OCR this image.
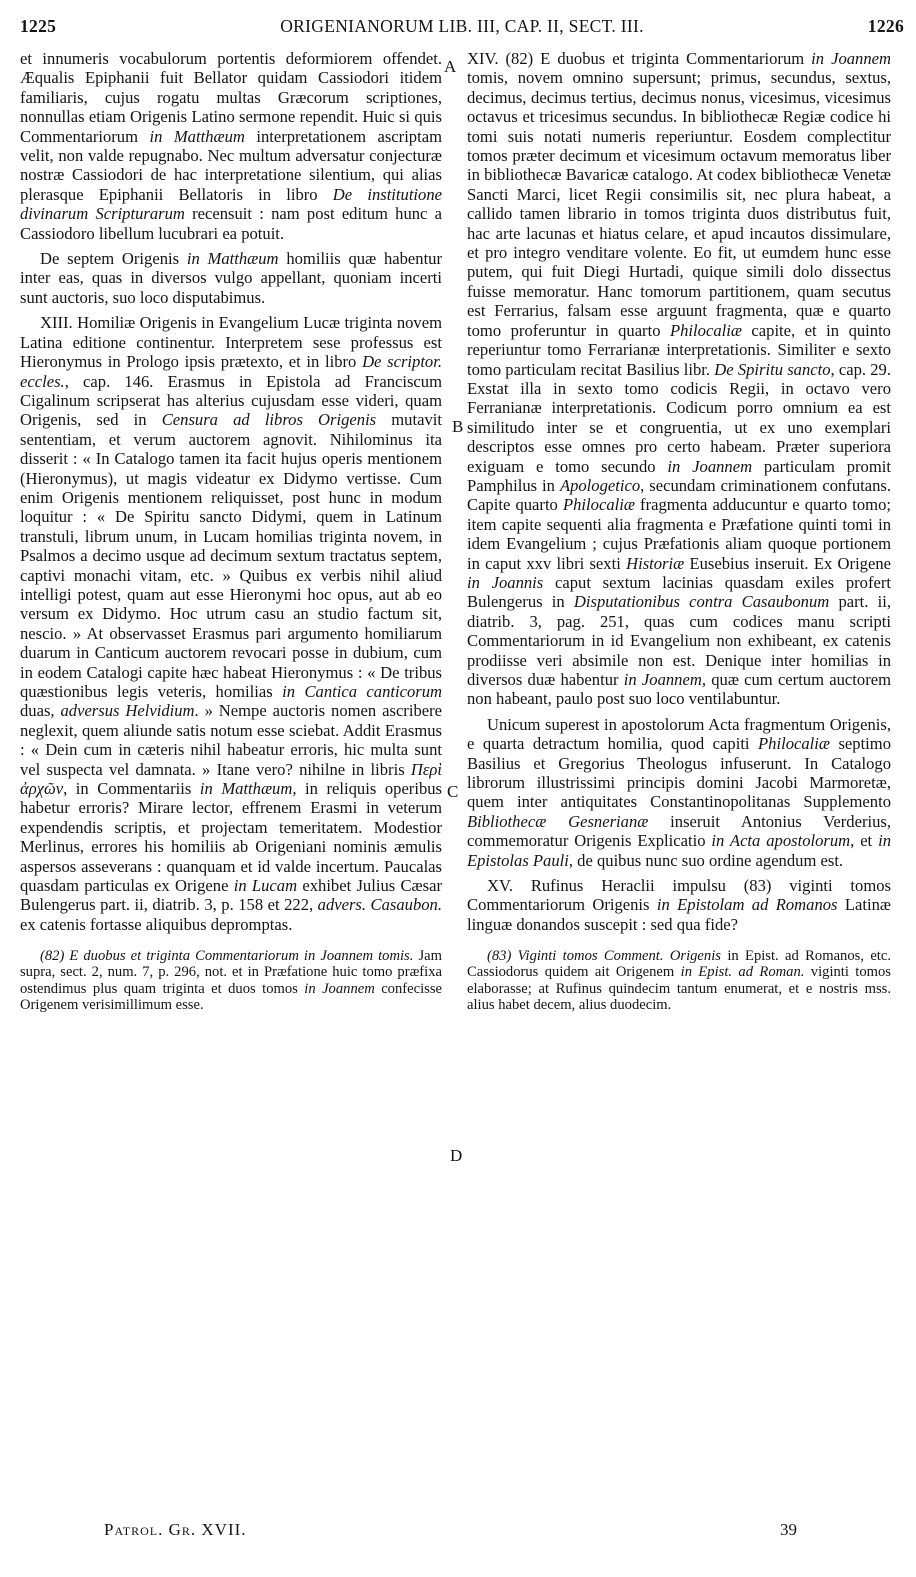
1225	ORIGENIANORUM LIB. III, CAP. II, SECT. III.	1226
A
B
C
D

et innumeris vocabulorum portentis deformiorem offendet. Æqualis Epiphanii fuit Bellator quidam Cassiodori itidem familiaris, cujus rogatu multas Græcorum scriptiones, nonnullas etiam Origenis Latino sermone rependit. Huic si quis Commentariorum in Matthæum interpretationem ascriptam velit, non valde repugnabo. Nec multum adversatur conjecturæ nostræ Cassiodori de hac interpretatione silentium, qui alias plerasque Epiphanii Bellatoris in libro De institutione divinarum Scripturarum recensuit : nam post editum hunc a Cassiodoro libellum lucubrari ea potuit.

De septem Origenis in Matthæum homiliis quæ habentur inter eas, quas in diversos vulgo appellant, quoniam incerti sunt auctoris, suo loco disputabimus.

XIII. Homiliæ Origenis in Evangelium Lucæ triginta novem Latina editione continentur. Interpretem sese professus est Hieronymus in Prologo ipsis prætexto, et in libro De scriptor. eccles., cap. 146. Erasmus in Epistola ad Franciscum Cigalinum scripserat has alterius cujusdam esse videri, quam Origenis, sed in Censura ad libros Origenis mutavit sententiam, et verum auctorem agnovit. Nihilominus ita disserit : « In Catalogo tamen ita facit hujus operis mentionem (Hieronymus), ut magis videatur ex Didymo vertisse. Cum enim Origenis mentionem reliquisset, post hunc in modum loquitur : « De Spiritu sancto Didymi, quem in Latinum transtuli, librum unum, in Lucam homilias triginta novem, in Psalmos a decimo usque ad decimum sextum tractatus septem, captivi monachi vitam, etc. » Quibus ex verbis nihil aliud intelligi potest, quam aut esse Hieronymi hoc opus, aut ab eo versum ex Didymo. Hoc utrum casu an studio factum sit, nescio. » At observasset Erasmus pari argumento homiliarum duarum in Canticum auctorem revocari posse in dubium, cum in eodem Catalogi capite hæc habeat Hieronymus : « De tribus quæstionibus legis veteris, homilias in Cantica canticorum duas, adversus Helvidium. » Nempe auctoris nomen ascribere neglexit, quem aliunde satis notum esse sciebat. Addit Erasmus : « Dein cum in cæteris nihil habeatur erroris, hic multa sunt vel suspecta vel damnata. » Itane vero? nihilne in libris Περὶ ἀρχῶν, in Commentariis in Matthæum, in reliquis operibus habetur erroris? Mirare lector, effrenem Erasmi in veterum expendendis scriptis, et projectam temeritatem. Modestior Merlinus, errores his homiliis ab Origeniani nominis æmulis aspersos asseverans : quanquam et id valde incertum. Paucalas quasdam particulas ex Origene in Lucam exhibet Julius Cæsar Bulengerus part. ii, diatrib. 3, p. 158 et 222, advers. Casaubon. ex catenis fortasse aliquibus depromptas.

(82) E duobus et triginta Commentariorum in Joannem tomis. Jam supra, sect. 2, num. 7, p. 296, not. et in Præfatione huic tomo præfixa ostendimus plus quam triginta et duos tomos in Joannem confecisse Origenem verisimillimum esse.

XIV. (82) E duobus et triginta Commentariorum in Joannem tomis, novem omnino supersunt; primus, secundus, sextus, decimus, decimus tertius, decimus nonus, vicesimus, vicesimus octavus et tricesimus secundus. In bibliothecæ Regiæ codice hi tomi suis notati numeris reperiuntur. Eosdem complectitur tomos præter decimum et vicesimum octavum memoratus liber in bibliothecæ Bavaricæ catalogo. At codex bibliothecæ Venetæ Sancti Marci, licet Regii consimilis sit, nec plura habeat, a callido tamen librario in tomos triginta duos distributus fuit, hac arte lacunas et hiatus celare, et apud incautos dissimulare, et pro integro venditare volente. Eo fit, ut eumdem hunc esse putem, qui fuit Diegi Hurtadi, quique simili dolo dissectus fuisse memoratur. Hanc tomorum partitionem, quam secutus est Ferrarius, falsam esse arguunt fragmenta, quæ e quarto tomo proferuntur in quarto Philocaliæ capite, et in quinto reperiuntur tomo Ferrarianæ interpretationis. Similiter e sexto tomo particulam recitat Basilius libr. De Spiritu sancto, cap. 29. Exstat illa in sexto tomo codicis Regii, in octavo vero Ferranianæ interpretationis. Codicum porro omnium ea est similitudo inter se et congruentia, ut ex uno exemplari descriptos esse omnes pro certo habeam. Præter superiora exiguam e tomo secundo in Joannem particulam promit Pamphilus in Apologetico, secundam criminationem confutans. Capite quarto Philocaliæ fragmenta adducuntur e quarto tomo; item capite sequenti alia fragmenta e Præfatione quinti tomi in idem Evangelium ; cujus Præfationis aliam quoque portionem in caput xxv libri sexti Historiæ Eusebius inseruit. Ex Origene in Joannis caput sextum lacinias quasdam exiles profert Bulengerus in Disputationibus contra Casaubonum part. ii, diatrib. 3, pag. 251, quas cum codices manu scripti Commentariorum in id Evangelium non exhibeant, ex catenis prodiisse veri absimile non est. Denique inter homilias in diversos duæ habentur in Joannem, quæ cum certum auctorem non habeant, paulo post suo loco ventilabuntur.

Unicum superest in apostolorum Acta fragmentum Origenis, e quarta detractum homilia, quod capiti Philocaliæ septimo Basilius et Gregorius Theologus infuserunt. In Catalogo librorum illustrissimi principis domini Jacobi Marmoretæ, quem inter antiquitates Constantinopolitanas Supplemento Bibliothecæ Gesnerianæ inseruit Antonius Verderius, commemoratur Origenis Explicatio in Acta apostolorum, et in Epistolas Pauli, de quibus nunc suo ordine agendum est.

XV. Rufinus Heraclii impulsu (83) viginti tomos Commentariorum Origenis in Epistolam ad Romanos Latinæ linguæ donandos suscepit : sed qua fide?

(83) Viginti tomos Comment. Origenis in Epist. ad Romanos, etc. Cassiodorus quidem ait Origenem in Epist. ad Roman. viginti tomos elaborasse; at Rufinus quindecim tantum enumerat, et e nostris mss. alius habet decem, alius duodecim.

Patrol. Gr. XVII.	39
